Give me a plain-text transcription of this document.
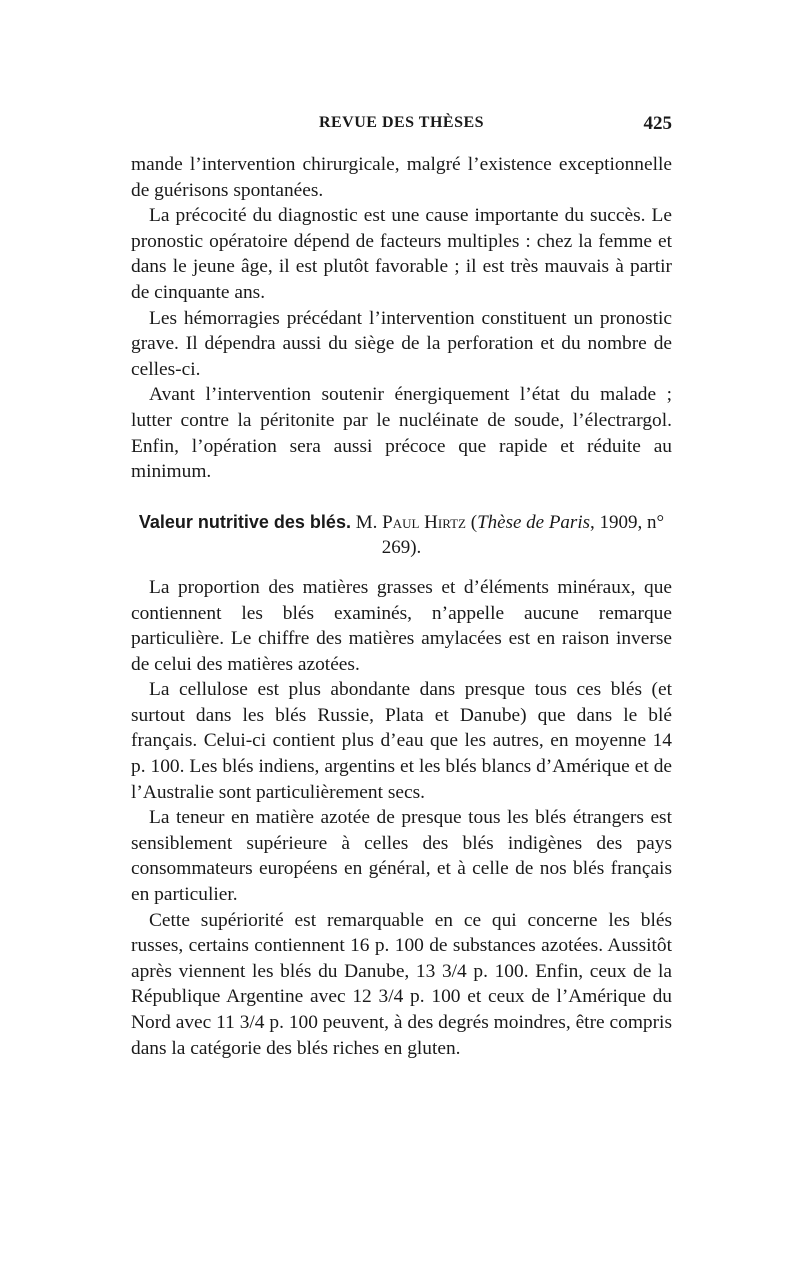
REVUE DES THÈSES	425

mande l’intervention chirurgicale, malgré l’existence exceptionnelle de guérisons spontanées.

La précocité du diagnostic est une cause importante du succès. Le pronostic opératoire dépend de facteurs multiples : chez la femme et dans le jeune âge, il est plutôt favorable ; il est très mauvais à partir de cinquante ans.

Les hémorragies précédant l’intervention constituent un pronostic grave. Il dépendra aussi du siège de la perforation et du nombre de celles-ci.

Avant l’intervention soutenir énergiquement l’état du malade ; lutter contre la péritonite par le nucléinate de soude, l’électrargol. Enfin, l’opération sera aussi précoce que rapide et réduite au minimum.

Valeur nutritive des blés. M. Paul Hirtz (Thèse de Paris, 1909, n° 269).

La proportion des matières grasses et d’éléments minéraux, que contiennent les blés examinés, n’appelle aucune remarque particulière. Le chiffre des matières amylacées est en raison inverse de celui des matières azotées.

La cellulose est plus abondante dans presque tous ces blés (et surtout dans les blés Russie, Plata et Danube) que dans le blé français. Celui-ci contient plus d’eau que les autres, en moyenne 14 p. 100. Les blés indiens, argentins et les blés blancs d’Amérique et de l’Australie sont particulièrement secs.

La teneur en matière azotée de presque tous les blés étrangers est sensiblement supérieure à celles des blés indigènes des pays consommateurs européens en général, et à celle de nos blés français en particulier.

Cette supériorité est remarquable en ce qui concerne les blés russes, certains contiennent 16 p. 100 de substances azotées. Aussitôt après viennent les blés du Danube, 13 3/4 p. 100. Enfin, ceux de la République Argentine avec 12 3/4 p. 100 et ceux de l’Amérique du Nord avec 11 3/4 p. 100 peuvent, à des degrés moindres, être compris dans la catégorie des blés riches en gluten.
